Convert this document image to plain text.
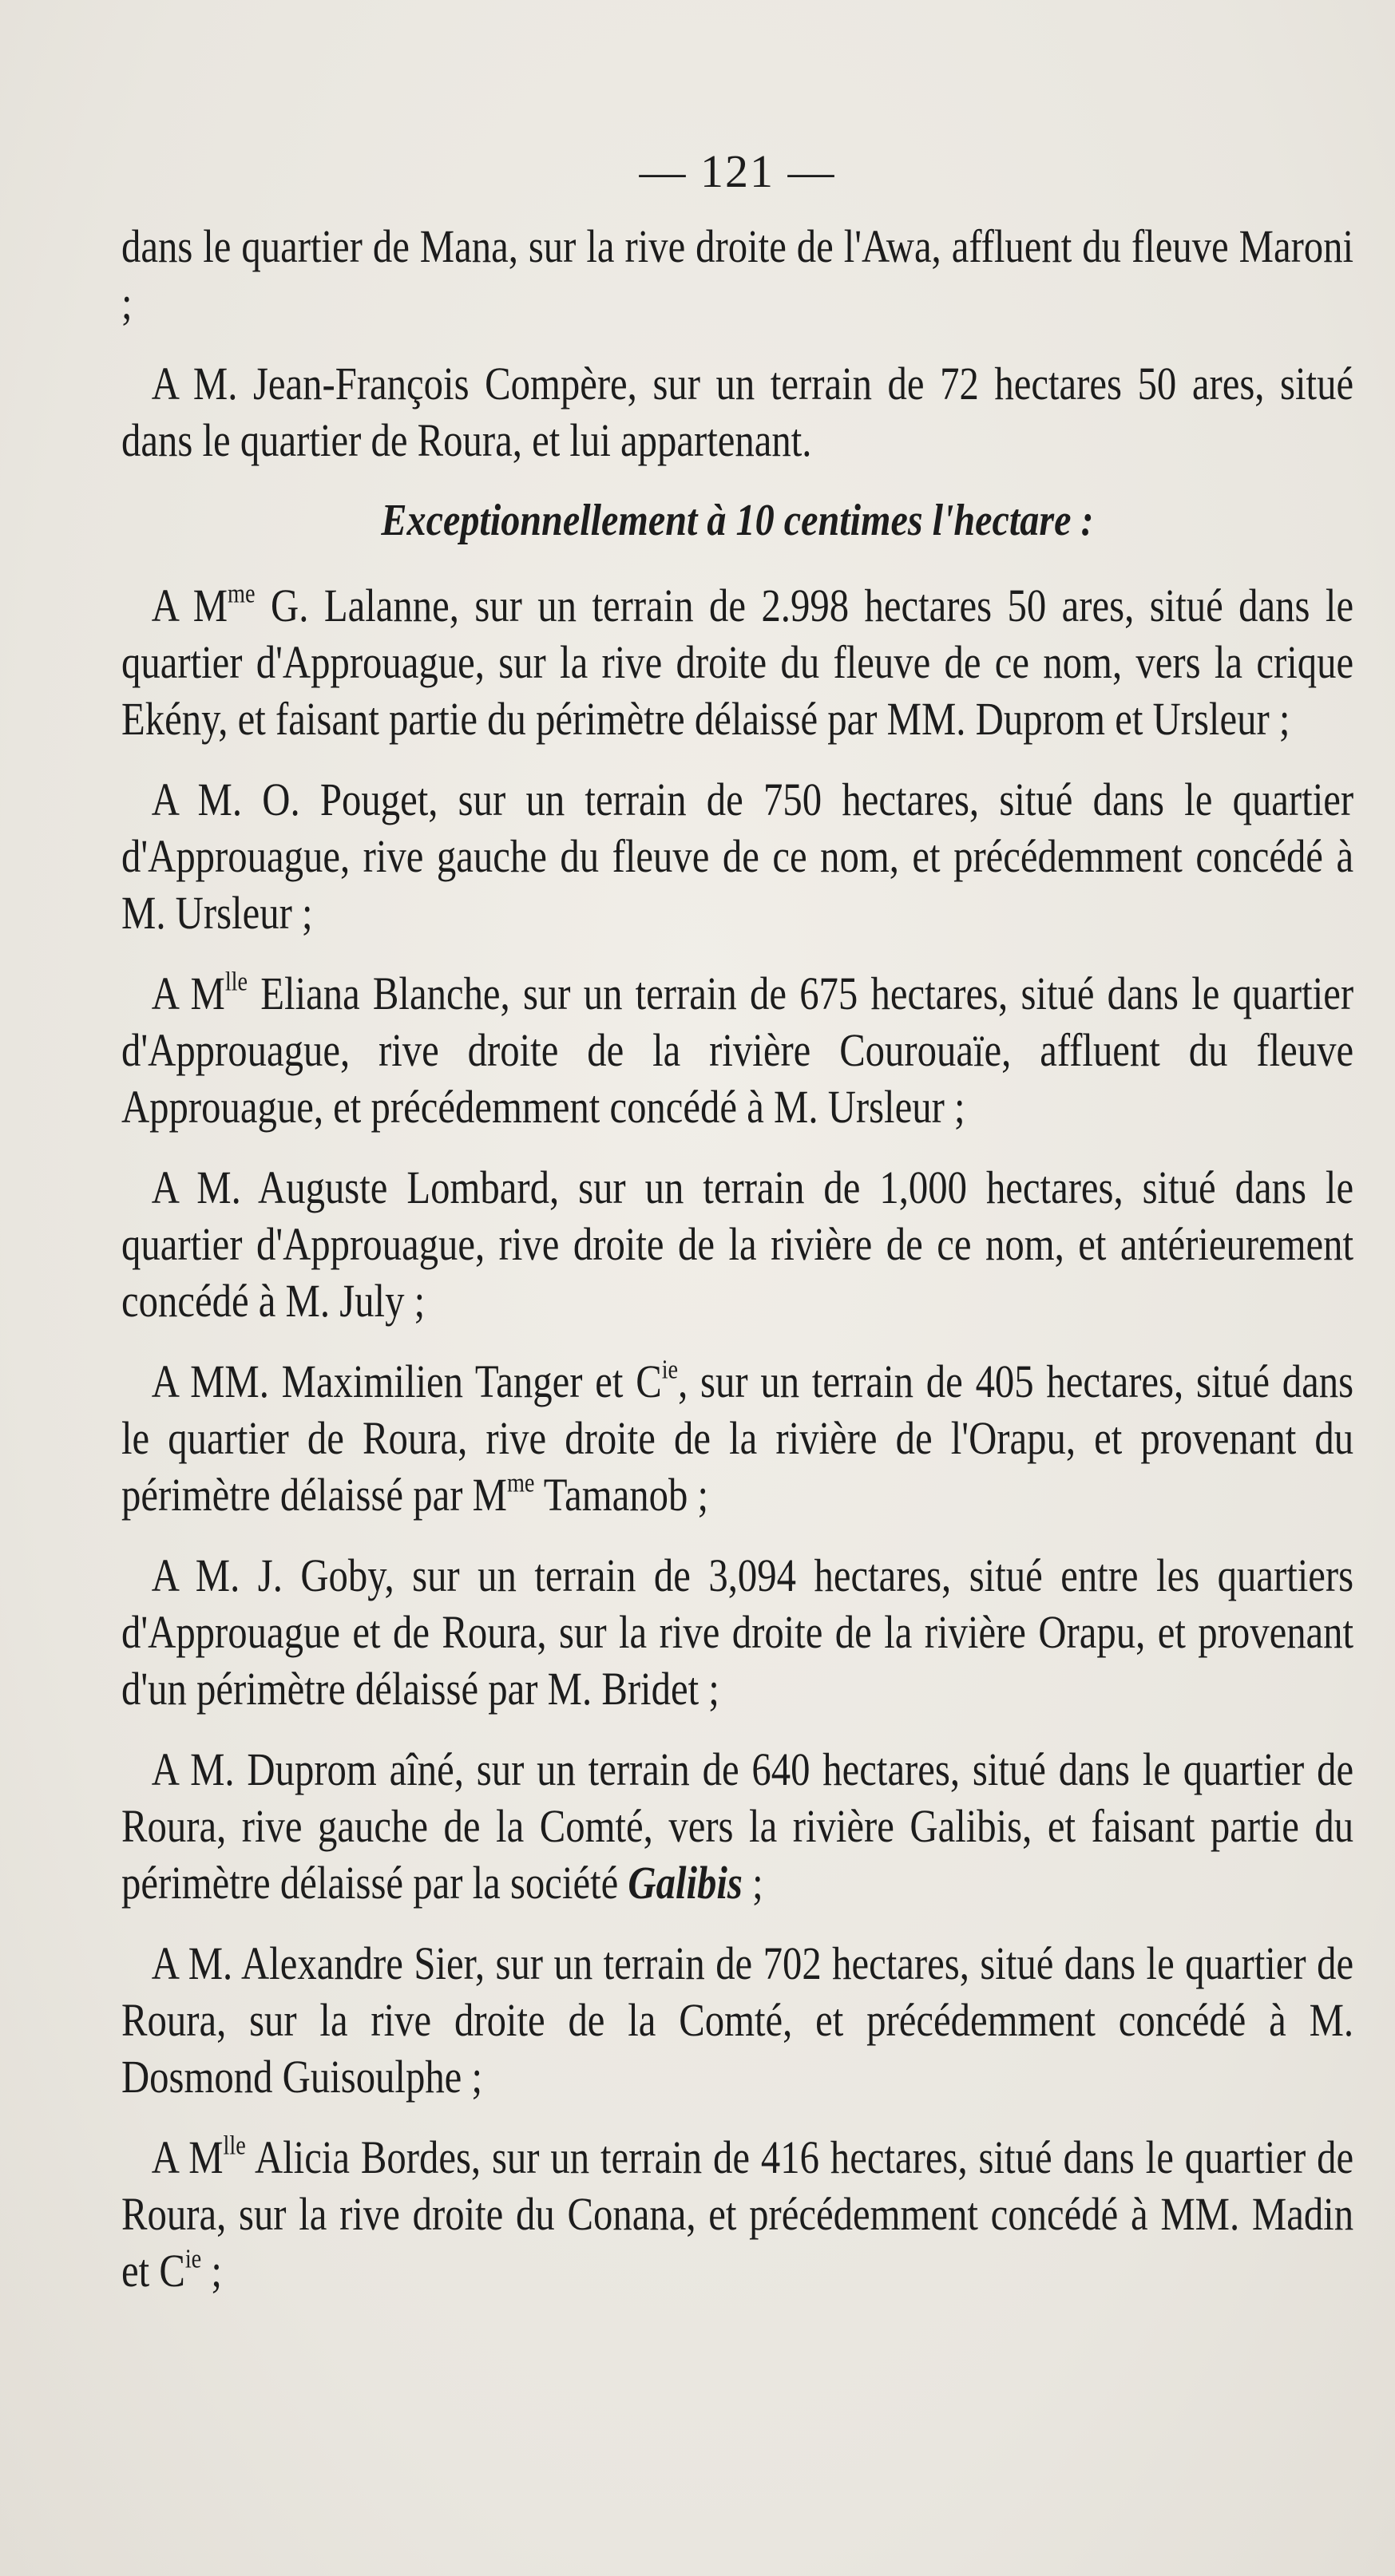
— 121 —

dans le quartier de Mana, sur la rive droite de l'Awa, affluent du fleuve Maroni ;

A M. Jean-François Compère, sur un terrain de 72 hectares 50 ares, situé dans le quartier de Roura, et lui appartenant.

Exceptionnellement à 10 centimes l'hectare :

A $M^{me}$ G. Lalanne, sur un terrain de 2.998 hectares 50 ares, situé dans le quartier d'Approuague, sur la rive droite du fleuve de ce nom, vers la crique Ekény, et faisant partie du périmètre délaissé par MM. Duprom et Ursleur ;

A M. O. Pouget, sur un terrain de 750 hectares, situé dans le quartier d'Approuague, rive gauche du fleuve de ce nom, et précédemment concédé à M. Ursleur ;

A $M^{lle}$ Eliana Blanche, sur un terrain de 675 hectares, situé dans le quartier d'Approuague, rive droite de la rivière Courouaïe, affluent du fleuve Approuague, et précédemment concédé à M. Ursleur ;

A M. Auguste Lombard, sur un terrain de 1,000 hectares, situé dans le quartier d'Approuague, rive droite de la rivière de ce nom, et antérieurement concédé à M. July ;

A MM. Maximilien Tanger et $C^{ie}$, sur un terrain de 405 hectares, situé dans le quartier de Roura, rive droite de la rivière de l'Orapu, et provenant du périmètre délaissé par $M^{me}$ Tamanob ;

A M. J. Goby, sur un terrain de 3,094 hectares, situé entre les quartiers d'Approuague et de Roura, sur la rive droite de la rivière Orapu, et provenant d'un périmètre délaissé par M. Bridet ;

A M. Duprom aîné, sur un terrain de 640 hectares, situé dans le quartier de Roura, rive gauche de la Comté, vers la rivière Galibis, et faisant partie du périmètre délaissé par la société Galibis ;

A M. Alexandre Sier, sur un terrain de 702 hectares, situé dans le quartier de Roura, sur la rive droite de la Comté, et précédemment concédé à M. Dosmond Guisoulphe ;

A $M^{lle}$ Alicia Bordes, sur un terrain de 416 hectares, situé dans le quartier de Roura, sur la rive droite du Conana, et précédemment concédé à MM. Madin et $C^{ie}$ ;
